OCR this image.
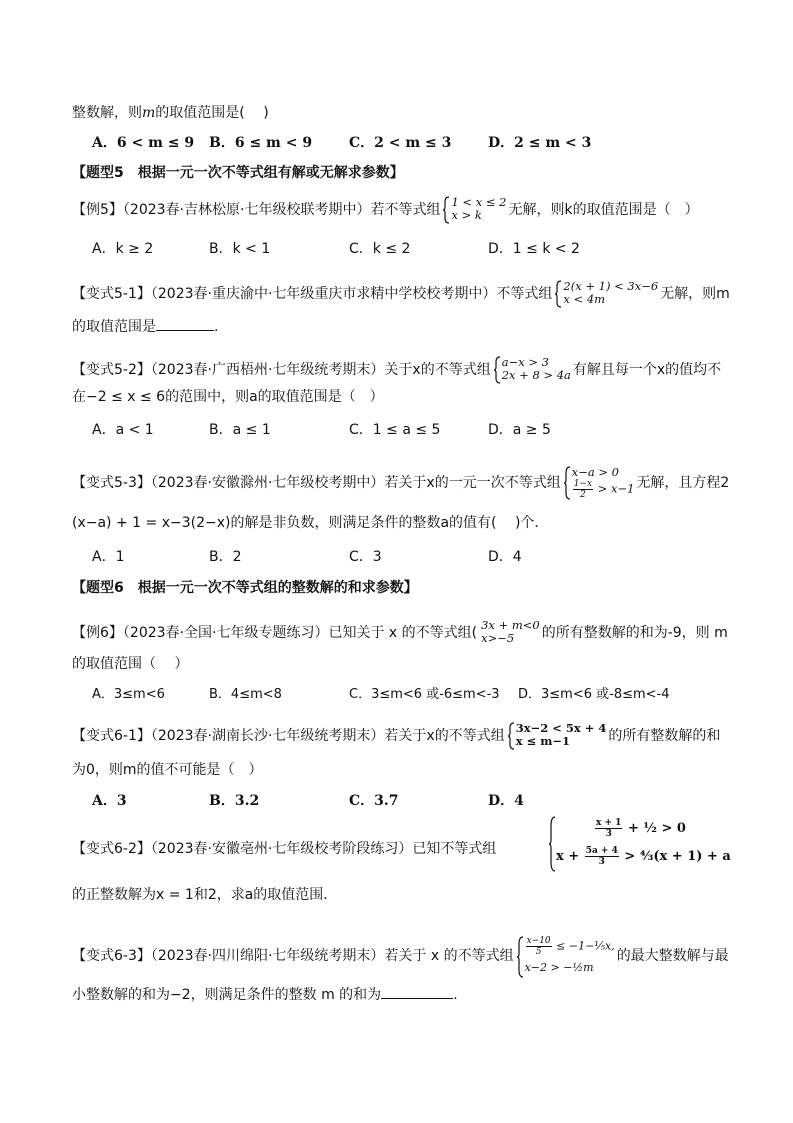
整数解，则m的取值范围是(　 )
A．6 < m ≤ 9 B．6 ≤ m < 9	C．2 < m ≤ 3	D．2 ≤ m < 3
【题型5　根据一元一次不等式组有解或无解求参数】
【例5】（2023春·吉林松原·七年级校联考期中）若不等式组 1 < x ≤ 2
x > k	无解，则k的取值范围是（　）
A．k ≥ 2	B．k < 1	C．k ≤ 2	D．1 ≤ k < 2
【变式5-1】（2023春·重庆渝中·七年级重庆市求精中学校校考期中）不等式组 2(x + 1) < 3x−6
x < 4m	无解，则m
的取值范围是	.
【变式5-2】（2023春·广西梧州·七年级统考期末）关于x的不等式组 a−x > 3
2x + 8 > 4a 有解且每一个x的值均不
在−2 ≤ x ≤ 6的范围中，则a的取值范围是（　）
A．a < 1	B．a ≤ 1	C．1 ≤ a ≤ 5	D．a ≥ 5
【变式5-3】（2023春·安徽滁州·七年级校考期中）若关于x的一元一次不等式组
x−a > 0
$\frac{1-x}{2} > x-1$ 无解，且方程2
(x−a) + 1 = x−3(2−x)的解是非负数，则满足条件的整数a的值有(　 )个．
A．1	B．2	C．3	D．4
【题型6　根据一元一次不等式组的整数解的和求参数】
【例6】（2023春·全国·七年级专题练习）已知关于 x 的不等式组( 3x + m<0
x>−5	的所有整数解的和为-9，则 m
的取值范围（　 ）
A．3≤m<6	B．4≤m<8	C．3≤m<6 或-6≤m<-3 D．3≤m<6 或-8≤m<-4
【变式6-1】（2023春·湖南长沙·七年级统考期末）若关于x的不等式组 3x−2 < 5x + 4
x ≤ m−1	的所有整数解的和
为0，则m的值不可能是（　）
A．3	B．3.2	C．3.7	D．4
【变式6-2】（2023春·安徽亳州·七年级校考阶段练习）已知不等式组
$\frac{x + 1}{3}$ + ½ > 0
$x + \frac{5a + 4}{3}$ > ⁴⁄₃(x + 1) + a
的正整数解为x = 1和2，求a的取值范围．
【变式6-3】（2023春·四川绵阳·七年级统考期末）若关于 x 的不等式组 $\frac{x-10}{5}$ ≤ −1−⅕x,
x−2 > −½m
的最大整数解与最
小整数解的和为−2，则满足条件的整数 m 的和为	.
